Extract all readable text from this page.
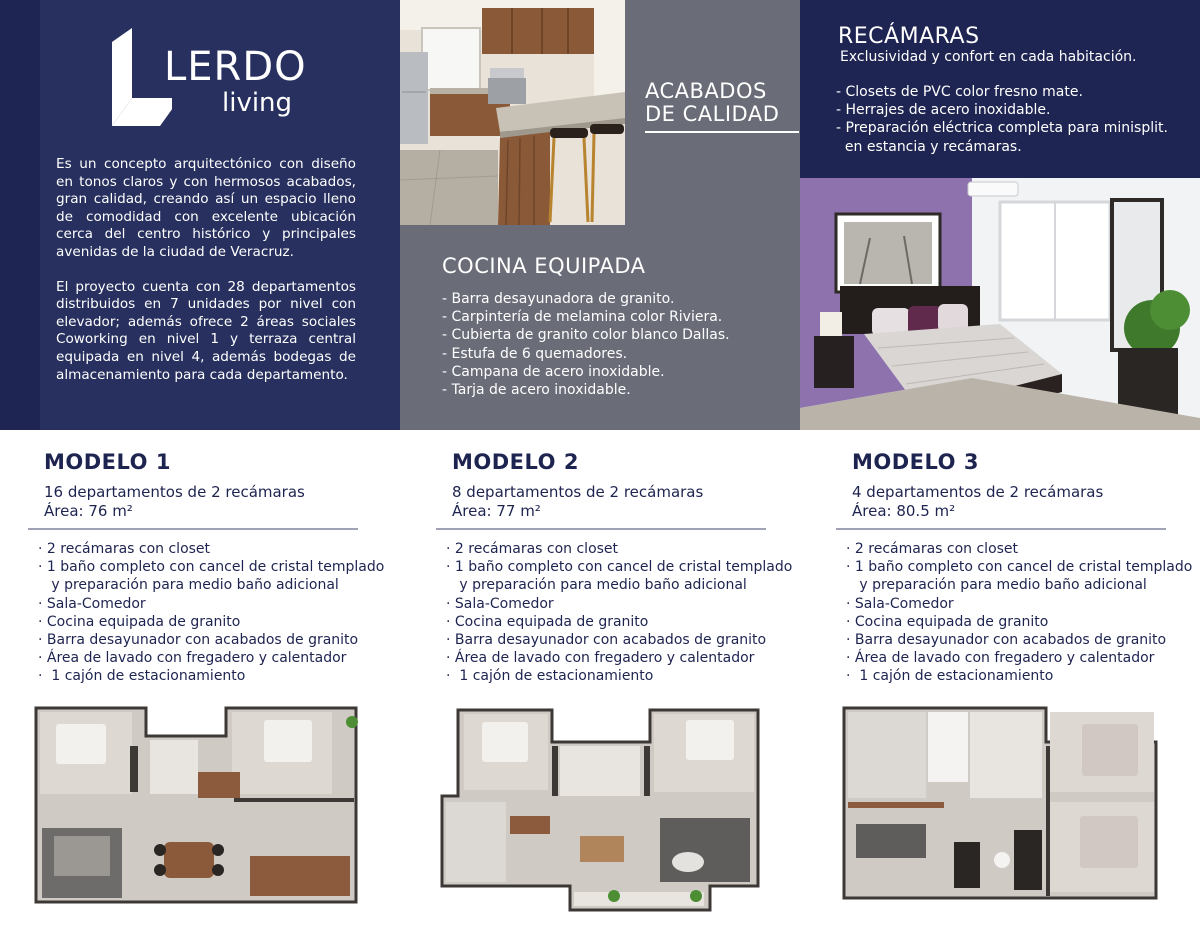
LERDO
living

Es un concepto arquitectónico con diseño en tonos claros y con hermosos acabados, gran calidad, creando así un espacio lleno de comodidad con excelente ubicación cerca del centro histórico y principales avenidas de la ciudad de Veracruz.

El proyecto cuenta con 28 departamentos distribuidos en 7 unidades por nivel con elevador; además ofrece 2 áreas sociales Coworking en nivel 1 y terraza central equipada en nivel 4, además bodegas de almacenamiento para cada departamento.

ACABADOS
DE CALIDAD
COCINA EQUIPADA
- Barra desayunadora de granito.
- Carpintería de melamina color Riviera.
- Cubierta de granito color blanco Dallas.
- Estufa de 6 quemadores.
- Campana de acero inoxidable.
- Tarja de acero inoxidable.
RECÁMARAS
Exclusividad y confort en cada habitación.
- Closets de PVC color fresno mate.
- Herrajes de acero inoxidable.
- Preparación eléctrica completa para minisplit.
en estancia y recámaras.
MODELO 1
16 departamentos de 2 recámaras
Área: 76 m²
· 2 recámaras con closet
· 1 baño completo con cancel de cristal templado
y preparación para medio baño adicional
· Sala-Comedor
· Cocina equipada de granito
· Barra desayunador con acabados de granito
· Área de lavado con fregadero y calentador
·  1 cajón de estacionamiento
MODELO 2
8 departamentos de 2 recámaras
Área: 77 m²
· 2 recámaras con closet
· 1 baño completo con cancel de cristal templado
y preparación para medio baño adicional
· Sala-Comedor
· Cocina equipada de granito
· Barra desayunador con acabados de granito
· Área de lavado con fregadero y calentador
·  1 cajón de estacionamiento
MODELO 3
4 departamentos de 2 recámaras
Área: 80.5 m²
· 2 recámaras con closet
· 1 baño completo con cancel de cristal templado
y preparación para medio baño adicional
· Sala-Comedor
· Cocina equipada de granito
· Barra desayunador con acabados de granito
· Área de lavado con fregadero y calentador
·  1 cajón de estacionamiento
